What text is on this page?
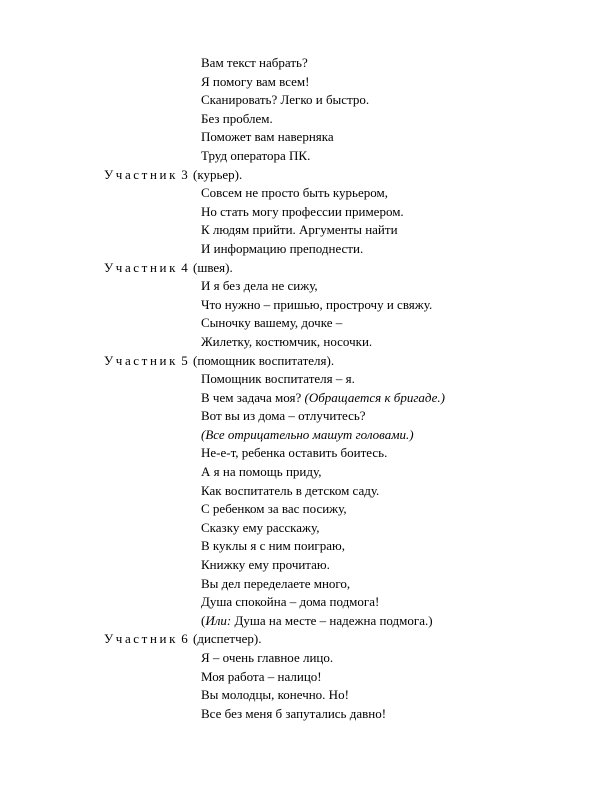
Вам текст набрать?
Я помогу вам всем!
Сканировать? Легко и быстро.
Без проблем.
Поможет вам наверняка
Труд оператора ПК.
Участник 3 (курьер).
Совсем не просто быть курьером,
Но стать могу профессии примером.
К людям прийти. Аргументы найти
И информацию преподнести.
Участник 4 (швея).
И я без дела не сижу,
Что нужно – пришью, прострочу и свяжу.
Сыночку вашему, дочке –
Жилетку, костюмчик, носочки.
Участник 5 (помощник воспитателя).
Помощник воспитателя – я.
В чем задача моя? (Обращается к бригаде.)
Вот вы из дома – отлучитесь?
(Все отрицательно машут головами.)
Не-е-т, ребенка оставить боитесь.
А я на помощь приду,
Как воспитатель в детском саду.
С ребенком за вас посижу,
Сказку ему расскажу,
В куклы я с ним поиграю,
Книжку ему прочитаю.
Вы дел переделаете много,
Душа спокойна – дома подмога!
(Или: Душа на месте – надежна подмога.)
Участник 6 (диспетчер).
Я – очень главное лицо.
Моя работа – налицо!
Вы молодцы, конечно. Но!
Все без меня б запутались давно!
